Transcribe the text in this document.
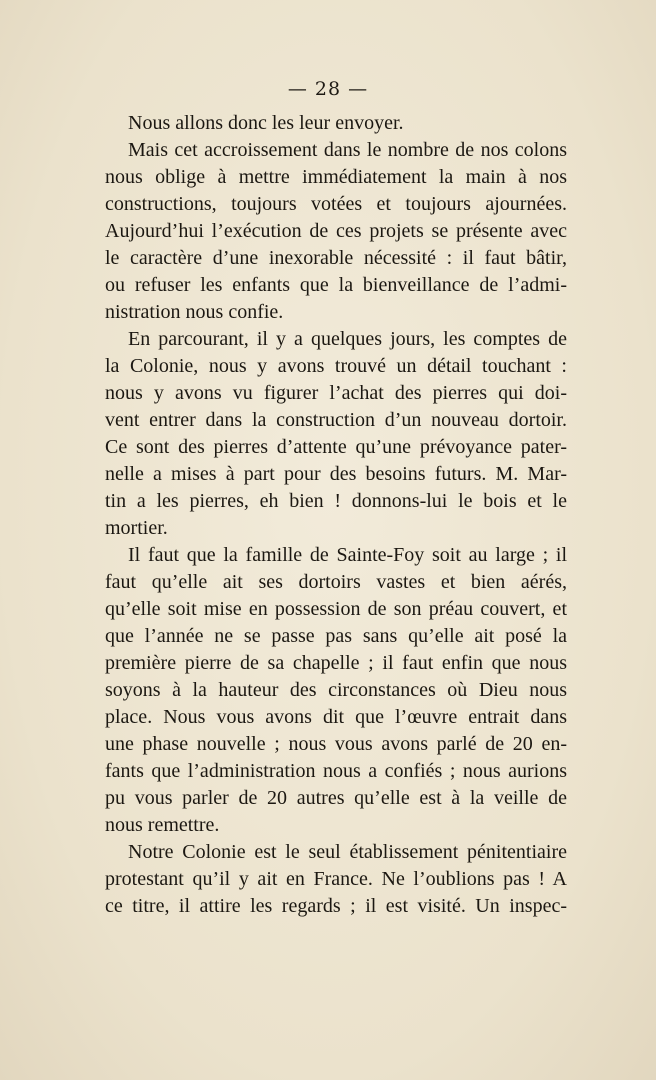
— 28 —
Nous allons donc les leur envoyer.
Mais cet accroissement dans le nombre de nos colons
nous oblige à mettre immédiatement la main à nos
constructions, toujours votées et toujours ajournées.
Aujourd’hui l’exécution de ces projets se présente avec
le caractère d’une inexorable nécessité : il faut bâtir,
ou refuser les enfants que la bienveillance de l’admi-
nistration nous confie.
En parcourant, il y a quelques jours, les comptes de
la Colonie, nous y avons trouvé un détail touchant :
nous y avons vu figurer l’achat des pierres qui doi-
vent entrer dans la construction d’un nouveau dortoir.
Ce sont des pierres d’attente qu’une prévoyance pater-
nelle a mises à part pour des besoins futurs. M. Mar-
tin a les pierres, eh bien ! donnons-lui le bois et le
mortier.
Il faut que la famille de Sainte-Foy soit au large ; il
faut qu’elle ait ses dortoirs vastes et bien aérés,
qu’elle soit mise en possession de son préau couvert, et
que l’année ne se passe pas sans qu’elle ait posé la
première pierre de sa chapelle ; il faut enfin que nous
soyons à la hauteur des circonstances où Dieu nous
place. Nous vous avons dit que l’œuvre entrait dans
une phase nouvelle ; nous vous avons parlé de 20 en-
fants que l’administration nous a confiés ; nous aurions
pu vous parler de 20 autres qu’elle est à la veille de
nous remettre.
Notre Colonie est le seul établissement pénitentiaire
protestant qu’il y ait en France. Ne l’oublions pas ! A
ce titre, il attire les regards ; il est visité. Un inspec-
